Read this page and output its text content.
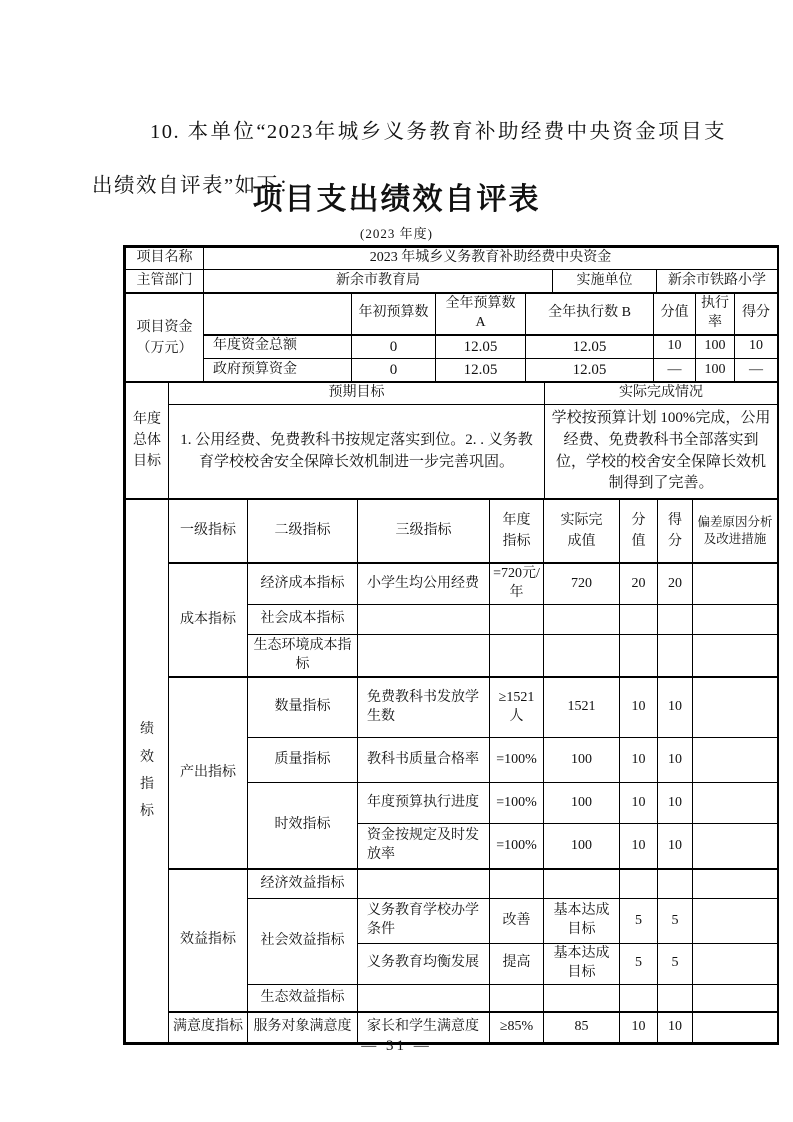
10. 本单位“2023年城乡义务教育补助经费中央资金项目支出绩效自评表”如下：

项目支出绩效自评表
(2023 年度)
项目名称	2023 年城乡义务教育补助经费中央资金
主管部门	新余市教育局	实施单位	新余市铁路小学
项目资金（万元）		年初预算数	全年预算数 A	全年执行数 B	分值	执行率	得分
	年度资金总额	0	12.05	12.05	10	100	10
	政府预算资金	0	12.05	12.05	—	100	—
年度总体目标	预期目标	实际完成情况
	1. 公用经费、免费教科书按规定落实到位。2. . 义务教育学校校舍安全保障长效机制进一步完善巩固。	学校按预算计划 100%完成，公用经费、免费教科书全部落实到位，学校的校舍安全保障长效机制得到了完善。
绩效指标	一级指标	二级指标	三级指标	年度指标	实际完成值	分值	得分	偏差原因分析及改进措施
	成本指标	经济成本指标	小学生均公用经费	=720元/年	720	20	20	
		社会成本指标						
		生态环境成本指标						
	产出指标	数量指标	免费教科书发放学生数	≥1521人	1521	10	10	
		质量指标	教科书质量合格率	=100%	100	10	10	
		时效指标	年度预算执行进度	=100%	100	10	10	
			资金按规定及时发放率	=100%	100	10	10	
	效益指标	经济效益指标						
		社会效益指标	义务教育学校办学条件	改善	基本达成目标	5	5	
			义务教育均衡发展	提高	基本达成目标	5	5	
		生态效益指标						
	满意度指标	服务对象满意度	家长和学生满意度	≥85%	85	10	10	
— 31 —
